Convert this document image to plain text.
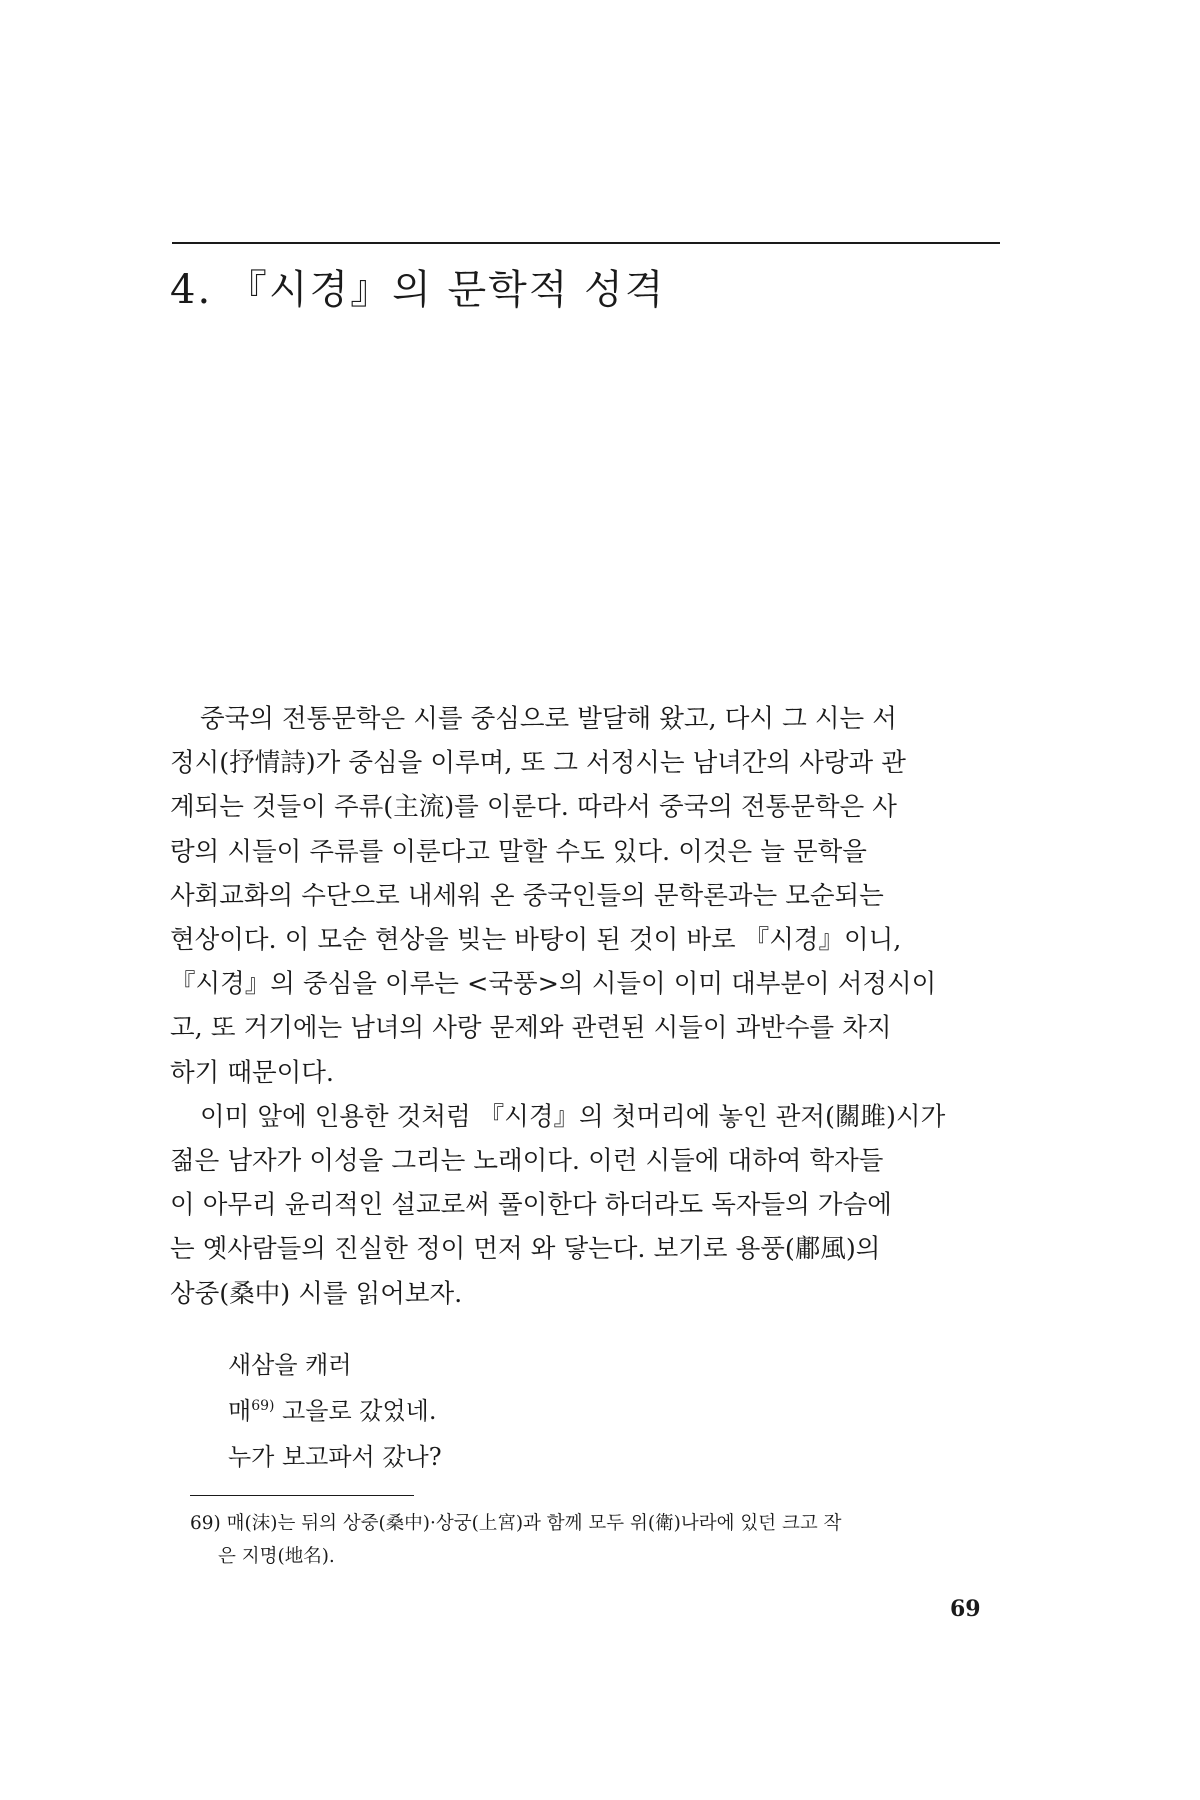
4. 『시경』의 문학적 성격

중국의 전통문학은 시를 중심으로 발달해 왔고, 다시 그 시는 서
정시(抒情詩)가 중심을 이루며, 또 그 서정시는 남녀간의 사랑과 관
계되는 것들이 주류(主流)를 이룬다. 따라서 중국의 전통문학은 사
랑의 시들이 주류를 이룬다고 말할 수도 있다. 이것은 늘 문학을
사회교화의 수단으로 내세워 온 중국인들의 문학론과는 모순되는
현상이다. 이 모순 현상을 빚는 바탕이 된 것이 바로 『시경』이니,
『시경』의 중심을 이루는 <국풍>의 시들이 이미 대부분이 서정시이
고, 또 거기에는 남녀의 사랑 문제와 관련된 시들이 과반수를 차지
하기 때문이다.

이미 앞에 인용한 것처럼 『시경』의 첫머리에 놓인 관저(關雎)시가
젊은 남자가 이성을 그리는 노래이다. 이런 시들에 대하여 학자들
이 아무리 윤리적인 설교로써 풀이한다 하더라도 독자들의 가슴에
는 옛사람들의 진실한 정이 먼저 와 닿는다. 보기로 용풍(鄘風)의
상중(桑中) 시를 읽어보자.

새삼을 캐러
매$^{69)}$ 고을로 갔었네.
누가 보고파서 갔나?
69) 매(沫)는 뒤의 상중(桑中)·상궁(上宮)과 함께 모두 위(衛)나라에 있던 크고 작
은 지명(地名).
69
